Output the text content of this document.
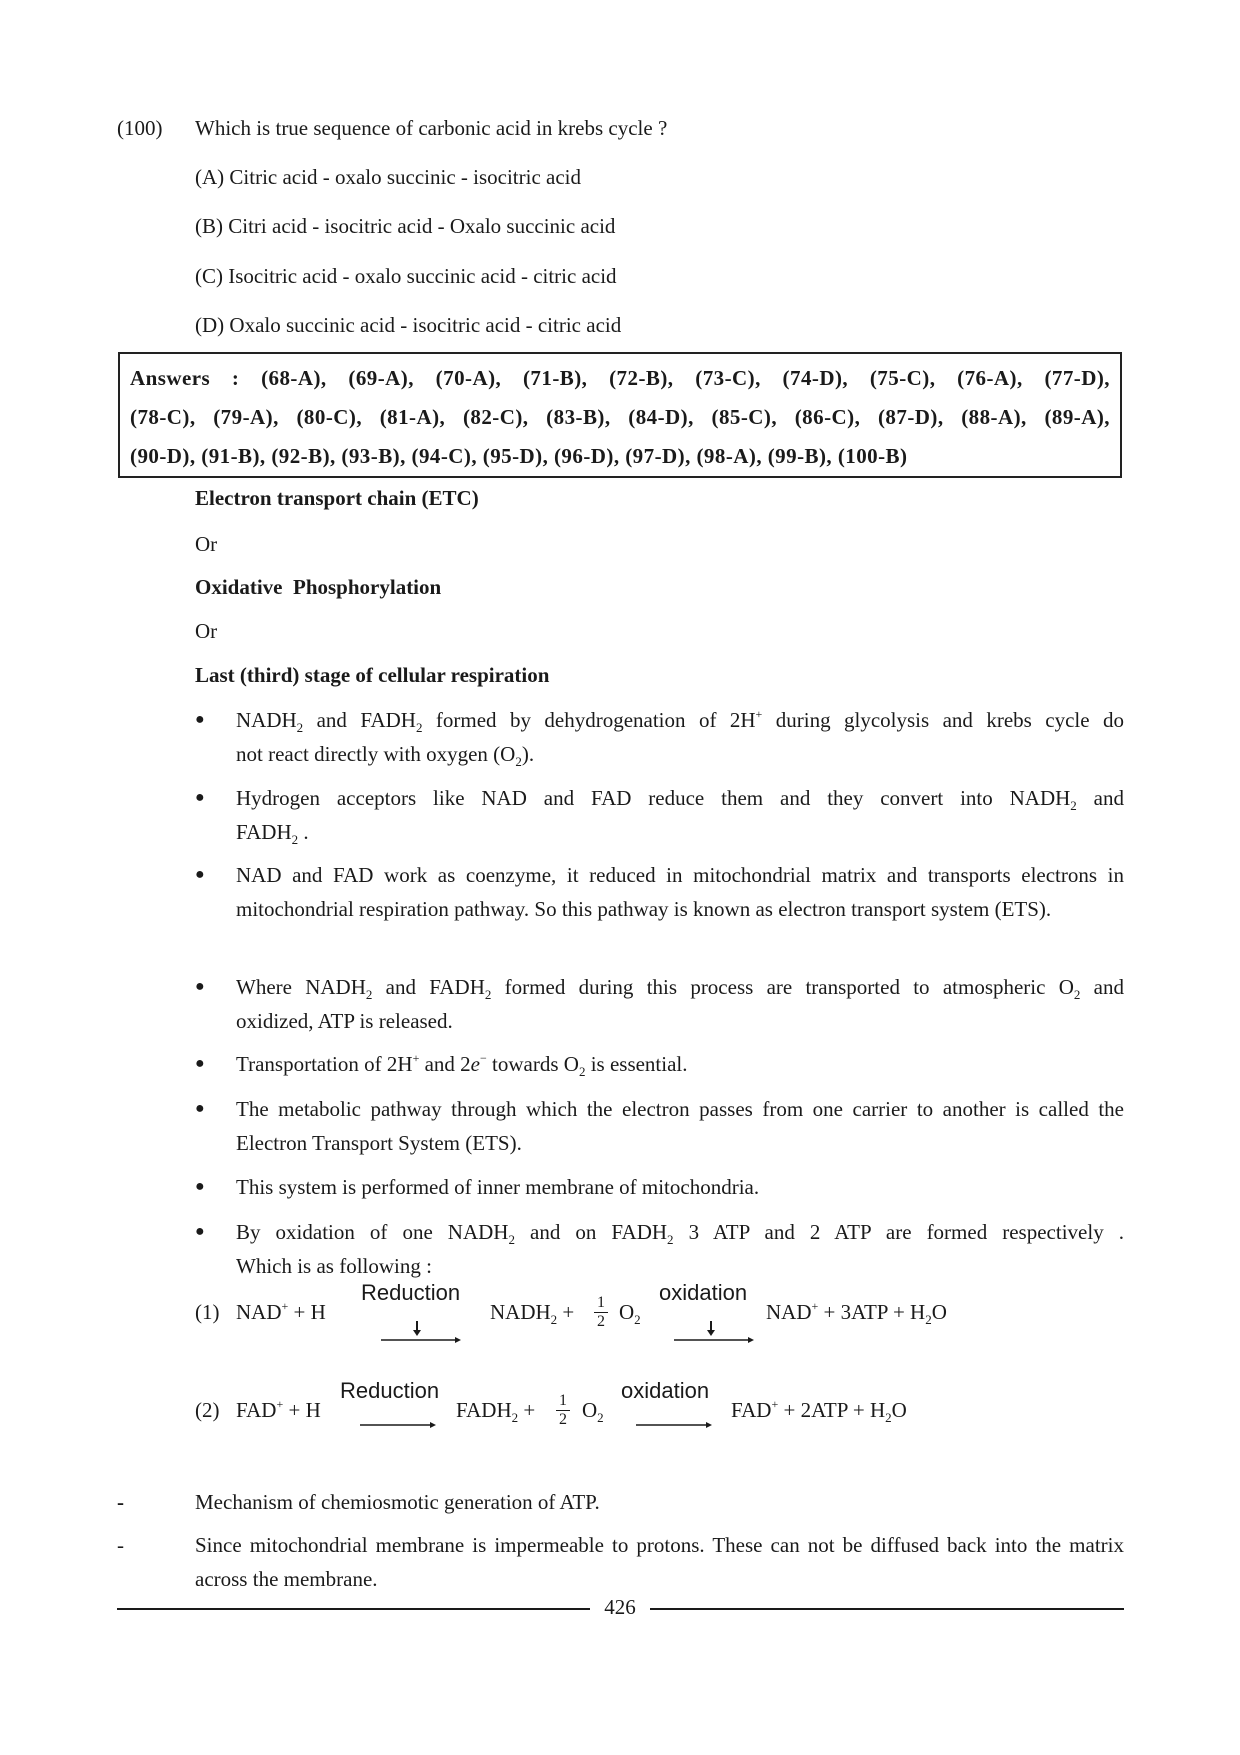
(100) Which is true sequence of carbonic acid in krebs cycle ?
(A) Citric acid - oxalo succinic - isocitric acid
(B) Citri acid - isocitric acid - Oxalo succinic acid
(C) Isocitric acid - oxalo succinic acid - citric acid
(D) Oxalo succinic acid - isocitric acid - citric acid
Answers : (68-A), (69-A), (70-A), (71-B), (72-B), (73-C), (74-D), (75-C), (76-A), (77-D),
(78-C), (79-A), (80-C), (81-A), (82-C), (83-B), (84-D), (85-C), (86-C), (87-D), (88-A), (89-A),
(90-D), (91-B), (92-B), (93-B), (94-C), (95-D), (96-D), (97-D), (98-A), (99-B), (100-B)
Electron transport chain (ETC)
Or
Oxidative  Phosphorylation
Or
Last (third) stage of cellular respiration
●	$NADH_2$ and $FADH_2$ formed by dehydrogenation of 2H+ during glycolysis and krebs cycle do
not react directly with oxygen $(O_2)$.
●	Hydrogen acceptors like NAD and FAD reduce them and they convert into $NADH_2$ and
$FADH_2$ .
●	NAD and FAD work as coenzyme, it reduced in mitochondrial matrix and transports electrons in mitochondrial respiration pathway. So this pathway is known as electron transport system (ETS).
●	Where $NADH_2$ and $FADH_2$ formed during this process are transported to atmospheric $O_2$ and
oxidized, ATP is released.
●	Transportation of 2H+ and 2e− towards $O_2$ is essential.
●	The metabolic pathway through which the electron passes from one carrier to another is called the Electron Transport System (ETS).
●	This system is performed of inner membrane of mitochondria.
●	By oxidation of one $NADH_2$ and on $FADH_2$ 3 ATP and 2 ATP are formed respectively .
Which is as following :
(1) NAD+ + H
Reduction
$NADH_2 + \frac{1}{2} O_2$
oxidation
$NAD^+ + 3ATP + H_2O$
(2) FAD+ + H
Reduction
$FADH_2 + \frac{1}{2} O_2$
oxidation
$FAD^+ + 2ATP + H_2O$
-	Mechanism of chemiosmotic generation of ATP.
-	Since mitochondrial membrane is impermeable to protons. These can not be diffused back into the matrix across the membrane.
426
